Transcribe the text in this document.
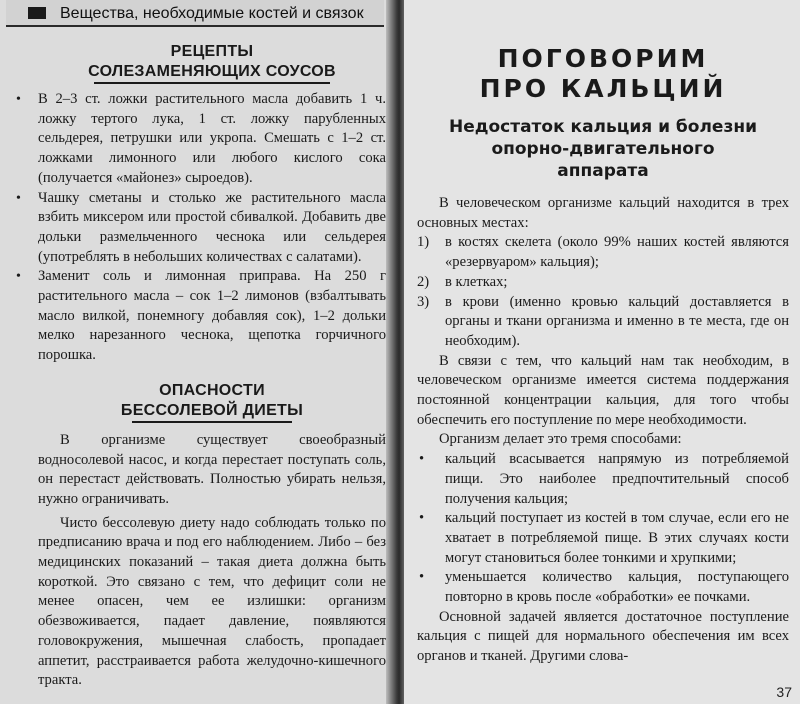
Вещества, необходимые костей и связок
РЕЦЕПТЫ
СОЛЕЗАМЕНЯЮЩИХ СОУСОВ
• В 2–3 ст. ложки растительного масла добавить 1 ч. ложку тертого лука, 1 ст. ложку парубленных сельдерея, петрушки или укропа. Смешать с 1–2 ст. ложками лимонного или любого кислого сока (получается «майонез» сыроедов).
• Чашку сметаны и столько же растительного масла взбить миксером или простой сбивалкой. Добавить две дольки размельченного чеснока или сельдерея (употреблять в небольших количествах с салатами).
• Заменит соль и лимонная приправа. На 250 г растительного масла – сок 1–2 лимонов (взбалтывать масло вилкой, понемногу добавляя сок), 1–2 дольки мелко нарезанного чеснока, щепотка горчичного порошка.
ОПАСНОСТИ
БЕССОЛЕВОЙ ДИЕТЫ

В организме существует своеобразный водносолевой насос, и когда перестает поступать соль, он перестаст действовать. Полностью убирать нельзя, нужно ограничивать.

Чисто бессолевую диету надо соблюдать только по предписанию врача и под его наблюдением. Либо – без медицинских показаний – такая диета должна быть короткой. Это связано с тем, что дефицит соли не менее опасен, чем ее излишки: организм обезвоживается, падает давление, появляются головокружения, мышечная слабость, пропадает аппетит, расстраивается работа желудочно-кишечного тракта.

ПОГОВОРИМ
ПРО КАЛЬЦИЙ
Недостаток кальция и болезни
опорно-двигательного
аппарата

В человеческом организме кальций находится в трех основных местах:

1) в костях скелета (около 99% наших костей являются «резервуаром» кальция);
2) в клетках;
3) в крови (именно кровью кальций доставляется в органы и ткани организма и именно в те места, где он необходим).

В связи с тем, что кальций нам так необходим, в человеческом организме имеется система поддержания постоянной концентрации кальция, для того чтобы обеспечить его поступление по мере необходимости.

Организм делает это тремя способами:

• кальций всасывается напрямую из потребляемой пищи. Это наиболее предпочтительный способ получения кальция;
• кальций поступает из костей в том случае, если его не хватает в потребляемой пище. В этих случаях кости могут становиться более тонкими и хрупкими;
• уменьшается количество кальция, поступающего повторно в кровь после «обработки» ее почками.

Основной задачей является достаточное поступление кальция с пищей для нормального обеспечения им всех органов и тканей. Другими слова-

37
